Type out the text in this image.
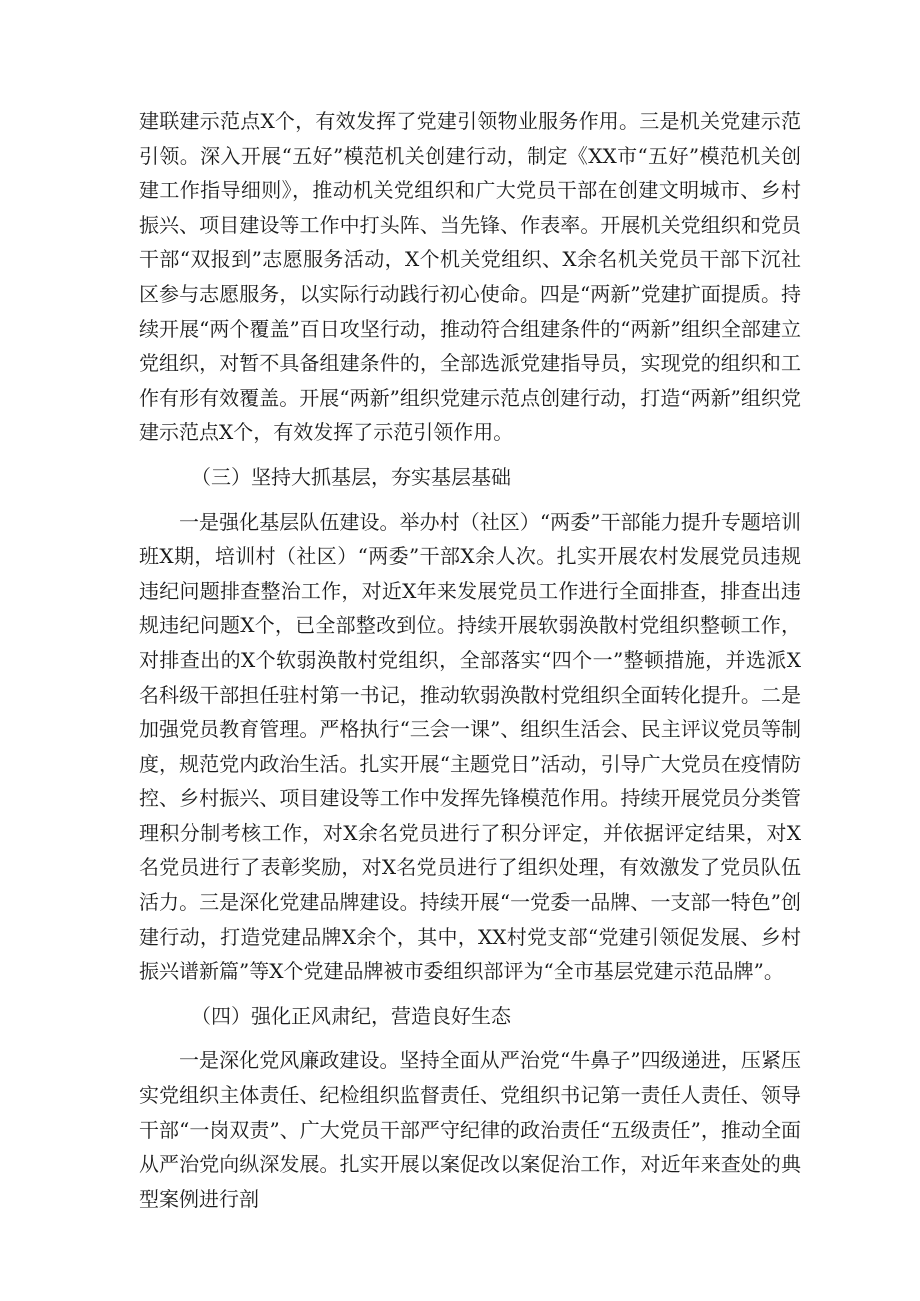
建联建示范点X个，有效发挥了党建引领物业服务作用。三是机关党建示范引领。深入开展“五好”模范机关创建行动，制定《XX市“五好”模范机关创建工作指导细则》，推动机关党组织和广大党员干部在创建文明城市、乡村振兴、项目建设等工作中打头阵、当先锋、作表率。开展机关党组织和党员干部“双报到”志愿服务活动，X个机关党组织、X余名机关党员干部下沉社区参与志愿服务，以实际行动践行初心使命。四是“两新”党建扩面提质。持续开展“两个覆盖”百日攻坚行动，推动符合组建条件的“两新”组织全部建立党组织，对暂不具备组建条件的，全部选派党建指导员，实现党的组织和工作有形有效覆盖。开展“两新”组织党建示范点创建行动，打造“两新”组织党建示范点X个，有效发挥了示范引领作用。

（三）坚持大抓基层，夯实基层基础

一是强化基层队伍建设。举办村（社区）“两委”干部能力提升专题培训班X期，培训村（社区）“两委”干部X余人次。扎实开展农村发展党员违规违纪问题排查整治工作，对近X年来发展党员工作进行全面排查，排查出违规违纪问题X个，已全部整改到位。持续开展软弱涣散村党组织整顿工作，对排查出的X个软弱涣散村党组织，全部落实“四个一”整顿措施，并选派X名科级干部担任驻村第一书记，推动软弱涣散村党组织全面转化提升。二是加强党员教育管理。严格执行“三会一课”、组织生活会、民主评议党员等制度，规范党内政治生活。扎实开展“主题党日”活动，引导广大党员在疫情防控、乡村振兴、项目建设等工作中发挥先锋模范作用。持续开展党员分类管理积分制考核工作，对X余名党员进行了积分评定，并依据评定结果，对X名党员进行了表彰奖励，对X名党员进行了组织处理，有效激发了党员队伍活力。三是深化党建品牌建设。持续开展“一党委一品牌、一支部一特色”创建行动，打造党建品牌X余个，其中，XX村党支部“党建引领促发展、乡村振兴谱新篇”等X个党建品牌被市委组织部评为“全市基层党建示范品牌”。

（四）强化正风肃纪，营造良好生态

一是深化党风廉政建设。坚持全面从严治党“牛鼻子”四级递进，压紧压实党组织主体责任、纪检组织监督责任、党组织书记第一责任人责任、领导干部“一岗双责”、广大党员干部严守纪律的政治责任“五级责任”，推动全面从严治党向纵深发展。扎实开展以案促改以案促治工作，对近年来查处的典型案例进行剖
